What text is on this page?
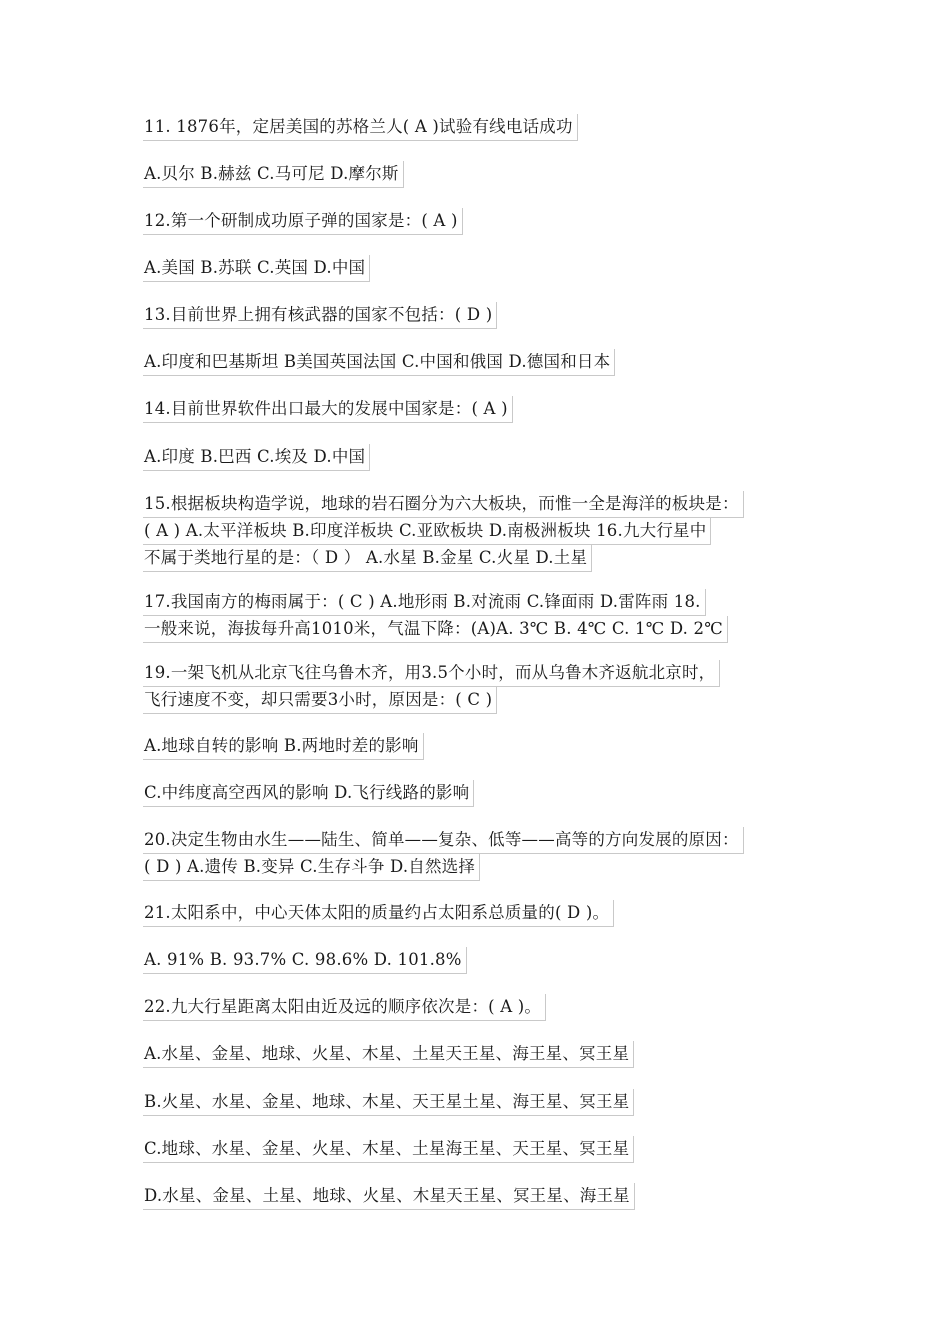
11. 1876年，定居美国的苏格兰人( A )试验有线电话成功
A.贝尔 B.赫兹 C.马可尼 D.摩尔斯
12.第一个研制成功原子弹的国家是：( A )
A.美国 B.苏联 C.英国 D.中国
13.目前世界上拥有核武器的国家不包括：( D )
A.印度和巴基斯坦 B美国英国法国 C.中国和俄国 D.德国和日本
14.目前世界软件出口最大的发展中国家是：( A )
A.印度 B.巴西 C.埃及 D.中国
15.根据板块构造学说，地球的岩石圈分为六大板块，而惟一全是海洋的板块是：
( A ) A.太平洋板块 B.印度洋板块 C.亚欧板块 D.南极洲板块 16.九大行星中
不属于类地行星的是：（ D ） A.水星 B.金星 C.火星 D.土星
17.我国南方的梅雨属于：( C ) A.地形雨 B.对流雨 C.锋面雨 D.雷阵雨 18.
一般来说，海拔每升高1010米，气温下降：(A)A. 3℃ B. 4℃ C. 1℃ D. 2℃
19.一架飞机从北京飞往乌鲁木齐，用3.5个小时，而从乌鲁木齐返航北京时，
飞行速度不变，却只需要3小时，原因是：( C )
A.地球自转的影响 B.两地时差的影响
C.中纬度高空西风的影响 D.飞行线路的影响
20.决定生物由水生——陆生、简单——复杂、低等——高等的方向发展的原因：
( D ) A.遗传 B.变异 C.生存斗争 D.自然选择
21.太阳系中，中心天体太阳的质量约占太阳系总质量的( D )。
A. 91% B. 93.7% C. 98.6% D. 101.8%
22.九大行星距离太阳由近及远的顺序依次是：( A )。
A.水星、金星、地球、火星、木星、土星天王星、海王星、冥王星
B.火星、水星、金星、地球、木星、天王星土星、海王星、冥王星
C.地球、水星、金星、火星、木星、土星海王星、天王星、冥王星
D.水星、金星、土星、地球、火星、木星天王星、冥王星、海王星
